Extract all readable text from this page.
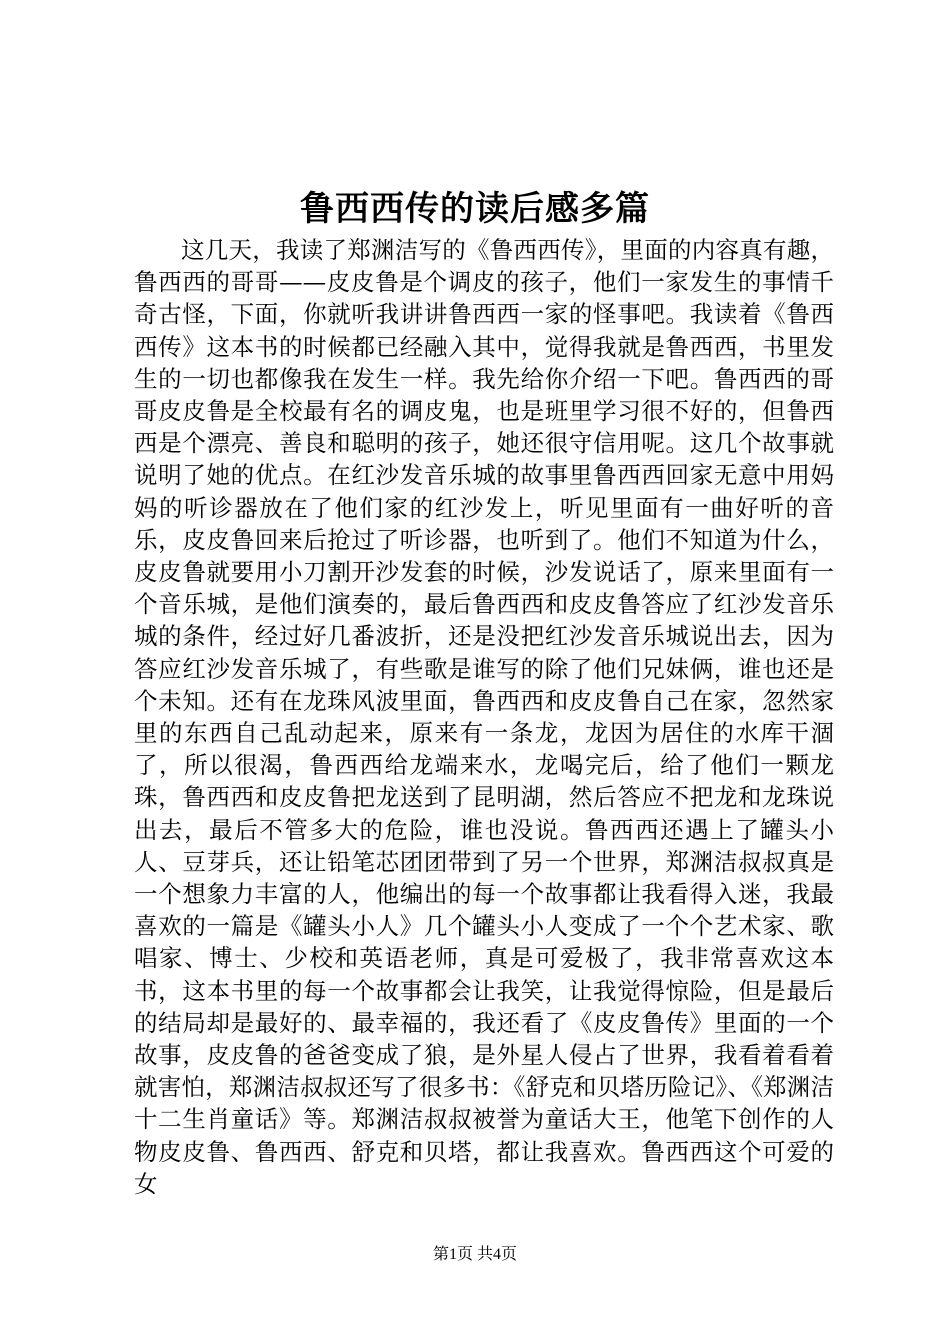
鲁西西传的读后感多篇

这几天，我读了郑渊洁写的《鲁西西传》，里面的内容真有趣，鲁西西的哥哥——皮皮鲁是个调皮的孩子，他们一家发生的事情千奇古怪，下面，你就听我讲讲鲁西西一家的怪事吧。我读着《鲁西西传》这本书的时候都已经融入其中，觉得我就是鲁西西，书里发生的一切也都像我在发生一样。我先给你介绍一下吧。鲁西西的哥哥皮皮鲁是全校最有名的调皮鬼，也是班里学习很不好的，但鲁西西是个漂亮、善良和聪明的孩子，她还很守信用呢。这几个故事就说明了她的优点。在红沙发音乐城的故事里鲁西西回家无意中用妈妈的听诊器放在了他们家的红沙发上，听见里面有一曲好听的音乐，皮皮鲁回来后抢过了听诊器，也听到了。他们不知道为什么，皮皮鲁就要用小刀割开沙发套的时候，沙发说话了，原来里面有一个音乐城，是他们演奏的，最后鲁西西和皮皮鲁答应了红沙发音乐城的条件，经过好几番波折，还是没把红沙发音乐城说出去，因为答应红沙发音乐城了，有些歌是谁写的除了他们兄妹俩，谁也还是个未知。还有在龙珠风波里面，鲁西西和皮皮鲁自己在家，忽然家里的东西自己乱动起来，原来有一条龙，龙因为居住的水库干涸了，所以很渴，鲁西西给龙端来水，龙喝完后，给了他们一颗龙珠，鲁西西和皮皮鲁把龙送到了昆明湖，然后答应不把龙和龙珠说出去，最后不管多大的危险，谁也没说。鲁西西还遇上了罐头小人、豆芽兵，还让铅笔芯团团带到了另一个世界，郑渊洁叔叔真是一个想象力丰富的人，他编出的每一个故事都让我看得入迷，我最喜欢的一篇是《罐头小人》几个罐头小人变成了一个个艺术家、歌唱家、博士、少校和英语老师，真是可爱极了，我非常喜欢这本书，这本书里的每一个故事都会让我笑，让我觉得惊险，但是最后的结局却是最好的、最幸福的，我还看了《皮皮鲁传》里面的一个故事，皮皮鲁的爸爸变成了狼，是外星人侵占了世界，我看着看着就害怕，郑渊洁叔叔还写了很多书：《舒克和贝塔历险记》、《郑渊洁十二生肖童话》等。郑渊洁叔叔被誉为童话大王，他笔下创作的人物皮皮鲁、鲁西西、舒克和贝塔，都让我喜欢。鲁西西这个可爱的女

第1页 共4页
